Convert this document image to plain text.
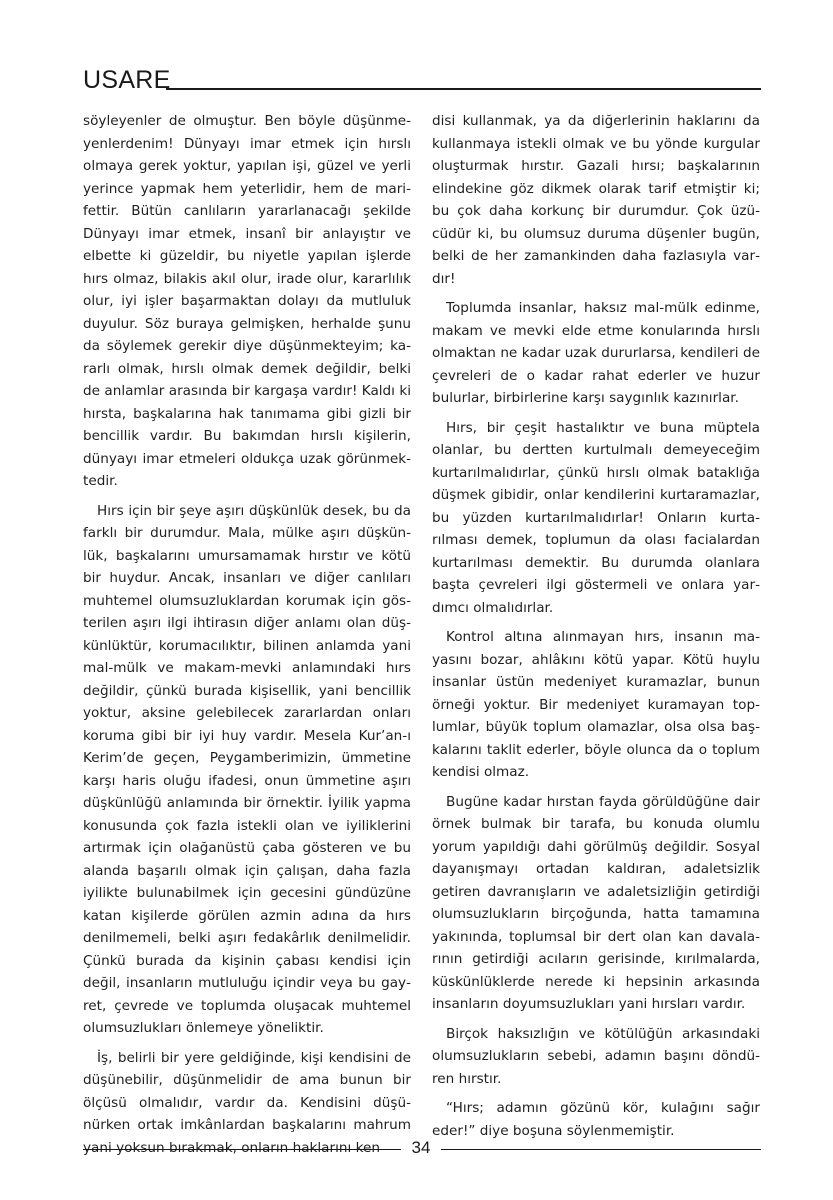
USARE

söyleyenler de olmuştur. Ben böyle düşünmeyenlerdenim! Dünyayı imar etmek için hırslı olmaya gerek yoktur, yapılan işi, güzel ve yerli yerince yapmak hem yeterlidir, hem de marifettir. Bütün canlıların yararlanacağı şekilde Dünyayı imar etmek, insanî bir anlayıştır ve elbette ki güzeldir, bu niyetle yapılan işlerde hırs olmaz, bilakis akıl olur, irade olur, kararlılık olur, iyi işler başarmaktan dolayı da mutluluk duyulur. Söz buraya gelmişken, herhalde şunu da söylemek gerekir diye düşünmekteyim; kararlı olmak, hırslı olmak demek değildir, belki de anlamlar arasında bir kargaşa vardır! Kaldı ki hırsta, başkalarına hak tanımama gibi gizli bir bencillik vardır. Bu bakımdan hırslı kişilerin, dünyayı imar etmeleri oldukça uzak görünmektedir.

Hırs için bir şeye aşırı düşkünlük desek, bu da farklı bir durumdur. Mala, mülke aşırı düşkünlük, başkalarını umursamamak hırstır ve kötü bir huydur. Ancak, insanları ve diğer canlıları muhtemel olumsuzluklardan korumak için gösterilen aşırı ilgi ihtirasın diğer anlamı olan düşkünlüktür, korumacılıktır, bilinen anlamda yani mal-mülk ve makam-mevki anlamındaki hırs değildir, çünkü burada kişisellik, yani bencillik yoktur, aksine gelebilecek zararlardan onları koruma gibi bir iyi huy vardır. Mesela Kur’an-ı Kerim’de geçen, Peygamberimizin, ümmetine karşı haris oluğu ifadesi, onun ümmetine aşırı düşkünlüğü anlamında bir örnektir. İyilik yapma konusunda çok fazla istekli olan ve iyiliklerini artırmak için olağanüstü çaba gösteren ve bu alanda başarılı olmak için çalışan, daha fazla iyilikte bulunabilmek için gecesini gündüzüne katan kişilerde görülen azmin adına da hırs denilmemeli, belki aşırı fedakârlık denilmelidir. Çünkü burada da kişinin çabası kendisi için değil, insanların mutluluğu içindir veya bu gayret, çevrede ve toplumda oluşacak muhtemel olumsuzlukları önlemeye yöneliktir.

İş, belirli bir yere geldiğinde, kişi kendisini de düşünebilir, düşünmelidir de ama bunun bir ölçüsü olmalıdır, vardır da. Kendisini düşünürken ortak imkânlardan başkalarını mahrum yani yoksun bırakmak, onların haklarını ken

disi kullanmak, ya da diğerlerinin haklarını da kullanmaya istekli olmak ve bu yönde kurgular oluşturmak hırstır. Gazali hırsı; başkalarının elindekine göz dikmek olarak tarif etmiştir ki; bu çok daha korkunç bir durumdur. Çok üzücüdür ki, bu olumsuz duruma düşenler bugün, belki de her zamankinden daha fazlasıyla vardır!

Toplumda insanlar, haksız mal-mülk edinme, makam ve mevki elde etme konularında hırslı olmaktan ne kadar uzak dururlarsa, kendileri de çevreleri de o kadar rahat ederler ve huzur bulurlar, birbirlerine karşı saygınlık kazınırlar.

Hırs, bir çeşit hastalıktır ve buna müptela olanlar, bu dertten kurtulmalı demeyeceğim kurtarılmalıdırlar, çünkü hırslı olmak bataklığa düşmek gibidir, onlar kendilerini kurtaramazlar, bu yüzden kurtarılmalıdırlar! Onların kurtarılması demek, toplumun da olası facialardan kurtarılması demektir. Bu durumda olanlara başta çevreleri ilgi göstermeli ve onlara yardımcı olmalıdırlar.

Kontrol altına alınmayan hırs, insanın mayasını bozar, ahlâkını kötü yapar. Kötü huylu insanlar üstün medeniyet kuramazlar, bunun örneği yoktur. Bir medeniyet kuramayan toplumlar, büyük toplum olamazlar, olsa olsa başkalarını taklit ederler, böyle olunca da o toplum kendisi olmaz.

Bugüne kadar hırstan fayda görüldüğüne dair örnek bulmak bir tarafa, bu konuda olumlu yorum yapıldığı dahi görülmüş değildir. Sosyal dayanışmayı ortadan kaldıran, adaletsizlik getiren davranışların ve adaletsizliğin getirdiği olumsuzlukların birçoğunda, hatta tamamına yakınında, toplumsal bir dert olan kan davalarının getirdiği acıların gerisinde, kırılmalarda, küskünlüklerde nerede ki hepsinin arkasında insanların doyumsuzlukları yani hırsları vardır.

Birçok haksızlığın ve kötülüğün arkasındaki olumsuzlukların sebebi, adamın başını döndüren hırstır.

“Hırs; adamın gözünü kör, kulağını sağır eder!” diye boşuna söylenmemiştir.

34
